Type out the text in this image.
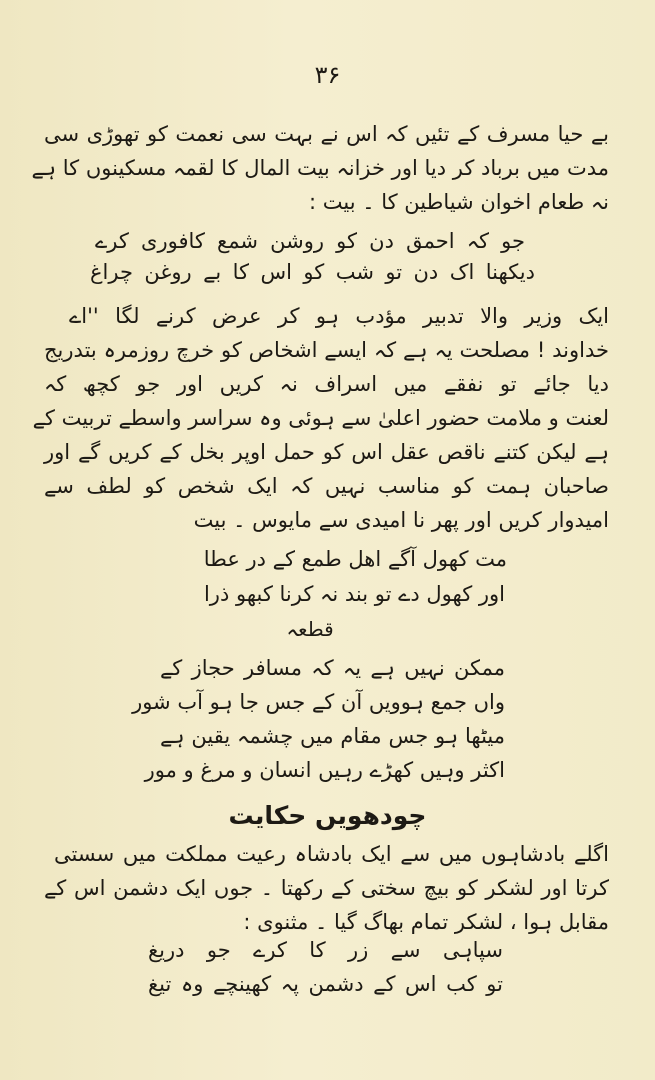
۳۶
بے حیا مسرف کے تئیں کہ اس نے بہت سی نعمت کو تھوڑی سی
مدت میں برباد کر دیا اور خزانہ بیت المال کا لقمہ مسکینوں کا ہے
نہ طعام اخوان شیاطین کا ۔ بیت :
جو کہ احمق دن کو روشن شمع کافوری کرے
دیکھنا اک دن تو شب کو اس کا بے روغن چراغ
ایک وزیر والا تدبیر مؤدب ہو کر عرض کرنے لگا ''اے
خداوند ! مصلحت یہ ہے کہ ایسے اشخاص کو خرچ روزمرہ بتدریج
دیا جائے تو نفقے میں اسراف نہ کریں اور جو کچھ کہ
لعنت و ملامت حضور اعلیٰ سے ہوئی وہ سراسر واسطے تربیت کے
ہے لیکن کتنے ناقص عقل اس کو حمل اوپر بخل کے کریں گے اور
صاحبان ہمت کو مناسب نہیں کہ ایک شخص کو لطف سے
امیدوار کریں اور پھر نا امیدی سے مایوس ۔ بیت
مت کھول آگے اھل طمع کے در عطا
اور کھول دے تو بند نہ کرنا کبھو ذرا
قطعہ
ممکن نہیں ہے یہ کہ مسافر حجاز کے
واں جمع ہوویں آن کے جس جا ہو آب شور
میٹھا ہو جس مقام میں چشمہ یقین ہے
اکثر وہیں کھڑے رہیں انسان و مرغ و مور
چودھویں حکایت
اگلے بادشاہوں میں سے ایک بادشاہ رعیت مملکت میں سستی
کرتا اور لشکر کو بیچ سختی کے رکھتا ۔ جوں ایک دشمن اس کے
مقابل ہوا ، لشکر تمام بھاگ گیا ۔ مثنوی :
سپاہی سے زر کا کرے جو دریغ
تو کب اس کے دشمن پہ کھینچے وہ تیغ
